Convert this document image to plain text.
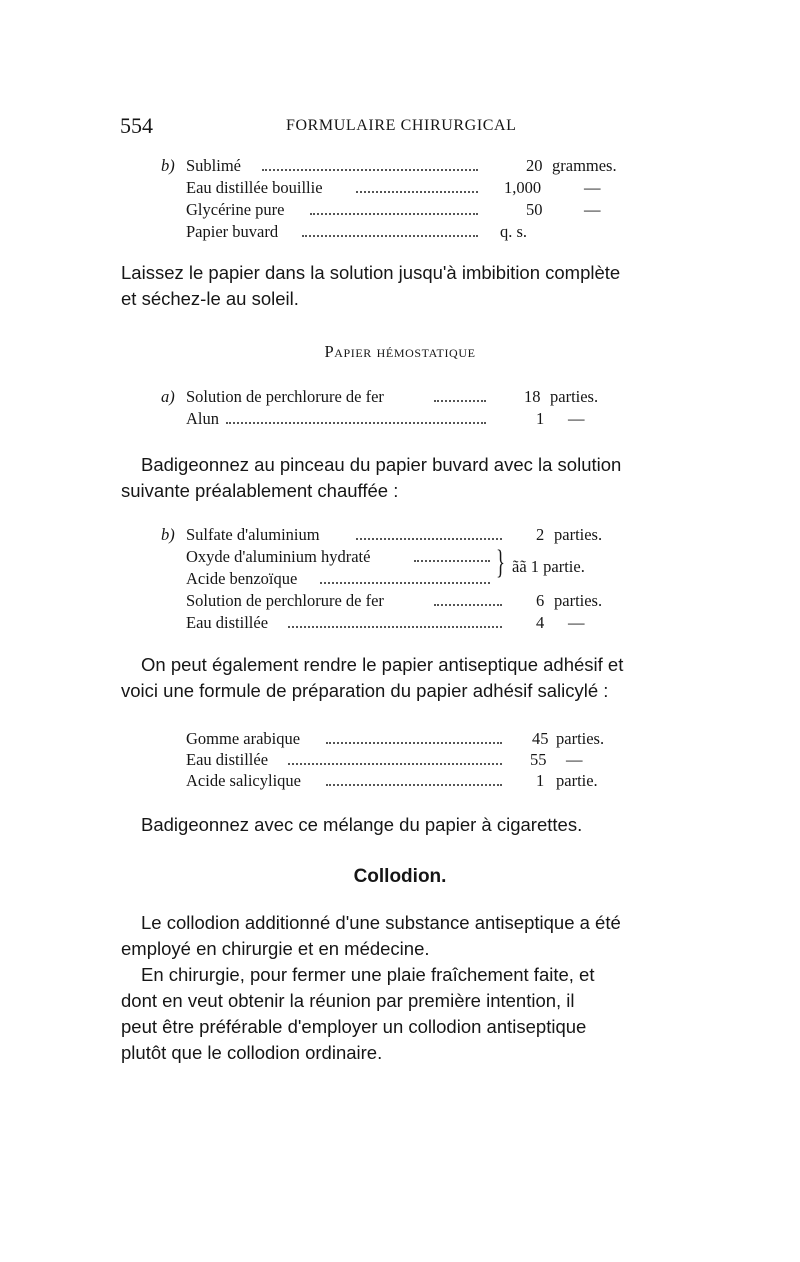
554	FORMULAIRE CHIRURGICAL
b) Sublimé	20 grammes.
Eau distillée bouillie	1,000	—
Glycérine pure	50	—
Papier buvard	q. s.
Laissez le papier dans la solution jusqu'à imbibition complète
et séchez-le au soleil.
Papier hémostatique
a) Solution de perchlorure de fer	18 parties.
Alun	1 —
Badigeonnez au pinceau du papier buvard avec la solution
suivante préalablement chauffée :
b) Sulfate d'aluminium	2 parties.
Oxyde d'aluminium hydraté
Acide benzoïque	} ãã 1 partie.
Solution de perchlorure de fer	6 parties.
Eau distillée	4 —
On peut également rendre le papier antiseptique adhésif et
voici une formule de préparation du papier adhésif salicylé :
Gomme arabique	45 parties.
Eau distillée	55 —
Acide salicylique	1 partie.
Badigeonnez avec ce mélange du papier à cigarettes.
Collodion.
Le collodion additionné d'une substance antiseptique a été
employé en chirurgie et en médecine.
En chirurgie, pour fermer une plaie fraîchement faite, et
dont en veut obtenir la réunion par première intention, il
peut être préférable d'employer un collodion antiseptique
plutôt que le collodion ordinaire.
